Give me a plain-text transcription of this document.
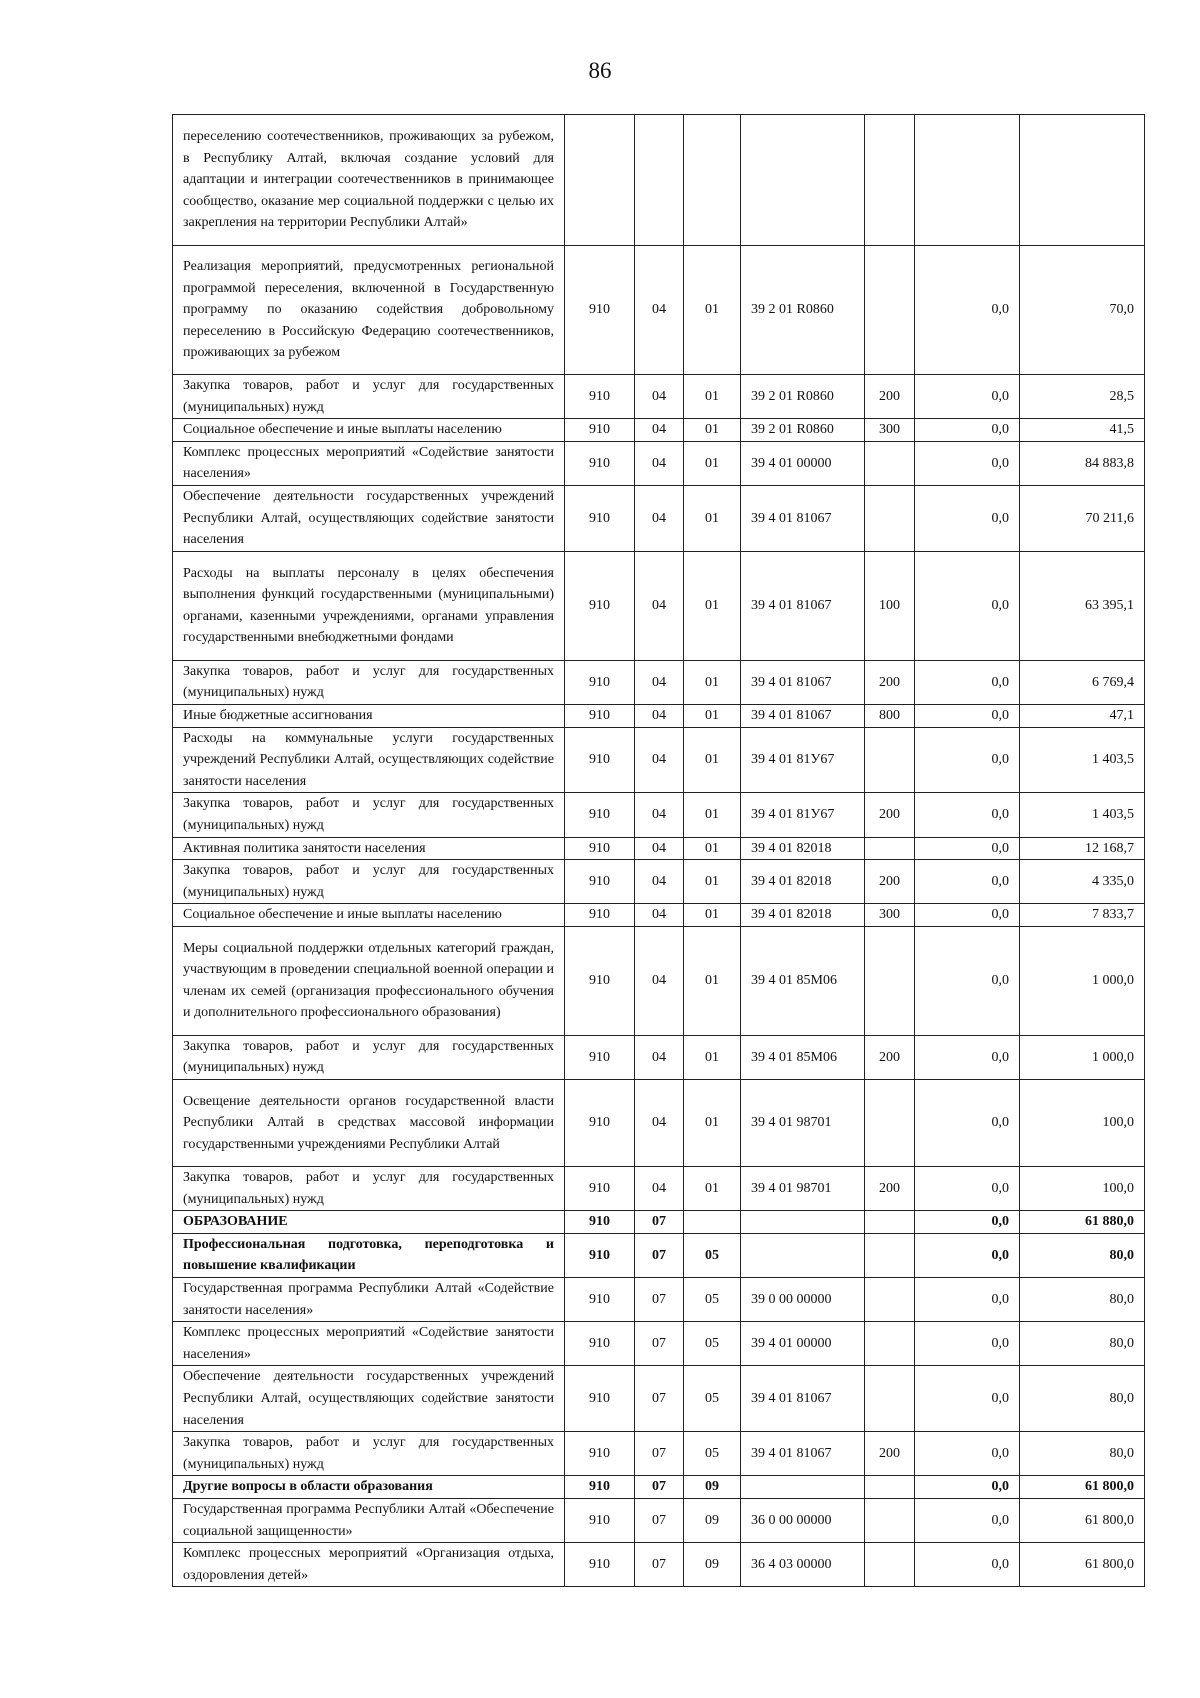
86
переселению соотечественников, проживающих за рубежом, в Республику Алтай, включая создание условий для адаптации и интеграции соотечественников в принимающее сообщество, оказание мер социальной поддержки с целью их закрепления на территории Республики Алтай»							
Реализация мероприятий, предусмотренных региональной программой переселения, включенной в Государственную программу по оказанию содействия добровольному переселению в Российскую Федерацию соотечественников, проживающих за рубежом	910	04	01	39 2 01 R0860		0,0	70,0
Закупка товаров, работ и услуг для государственных (муниципальных) нужд	910	04	01	39 2 01 R0860	200	0,0	28,5
Социальное обеспечение и иные выплаты населению	910	04	01	39 2 01 R0860	300	0,0	41,5
Комплекс процессных мероприятий «Содействие занятости населения»	910	04	01	39 4 01 00000		0,0	84 883,8
Обеспечение деятельности государственных учреждений Республики Алтай, осуществляющих содействие занятости населения	910	04	01	39 4 01 81067		0,0	70 211,6
Расходы на выплаты персоналу в целях обеспечения выполнения функций государственными (муниципальными) органами, казенными учреждениями, органами управления государственными внебюджетными фондами	910	04	01	39 4 01 81067	100	0,0	63 395,1
Закупка товаров, работ и услуг для государственных (муниципальных) нужд	910	04	01	39 4 01 81067	200	0,0	6 769,4
Иные бюджетные ассигнования	910	04	01	39 4 01 81067	800	0,0	47,1
Расходы на коммунальные услуги государственных учреждений Республики Алтай, осуществляющих содействие занятости населения	910	04	01	39 4 01 81У67		0,0	1 403,5
Закупка товаров, работ и услуг для государственных (муниципальных) нужд	910	04	01	39 4 01 81У67	200	0,0	1 403,5
Активная политика занятости населения	910	04	01	39 4 01 82018		0,0	12 168,7
Закупка товаров, работ и услуг для государственных (муниципальных) нужд	910	04	01	39 4 01 82018	200	0,0	4 335,0
Социальное обеспечение и иные выплаты населению	910	04	01	39 4 01 82018	300	0,0	7 833,7
Меры социальной поддержки отдельных категорий граждан, участвующим в проведении специальной военной операции и членам их семей (организация профессионального обучения и дополнительного профессионального образования)	910	04	01	39 4 01 85М06		0,0	1 000,0
Закупка товаров, работ и услуг для государственных (муниципальных) нужд	910	04	01	39 4 01 85М06	200	0,0	1 000,0
Освещение деятельности органов государственной власти Республики Алтай в средствах массовой информации государственными учреждениями Республики Алтай	910	04	01	39 4 01 98701		0,0	100,0
Закупка товаров, работ и услуг для государственных (муниципальных) нужд	910	04	01	39 4 01 98701	200	0,0	100,0
ОБРАЗОВАНИЕ	910	07				0,0	61 880,0
Профессиональная подготовка, переподготовка и повышение квалификации	910	07	05			0,0	80,0
Государственная программа Республики Алтай «Содействие занятости населения»	910	07	05	39 0 00 00000		0,0	80,0
Комплекс процессных мероприятий «Содействие занятости населения»	910	07	05	39 4 01 00000		0,0	80,0
Обеспечение деятельности государственных учреждений Республики Алтай, осуществляющих содействие занятости населения	910	07	05	39 4 01 81067		0,0	80,0
Закупка товаров, работ и услуг для государственных (муниципальных) нужд	910	07	05	39 4 01 81067	200	0,0	80,0
Другие вопросы в области образования	910	07	09			0,0	61 800,0
Государственная программа Республики Алтай «Обеспечение социальной защищенности»	910	07	09	36 0 00 00000		0,0	61 800,0
Комплекс процессных мероприятий «Организация отдыха, оздоровления детей»	910	07	09	36 4 03 00000		0,0	61 800,0
